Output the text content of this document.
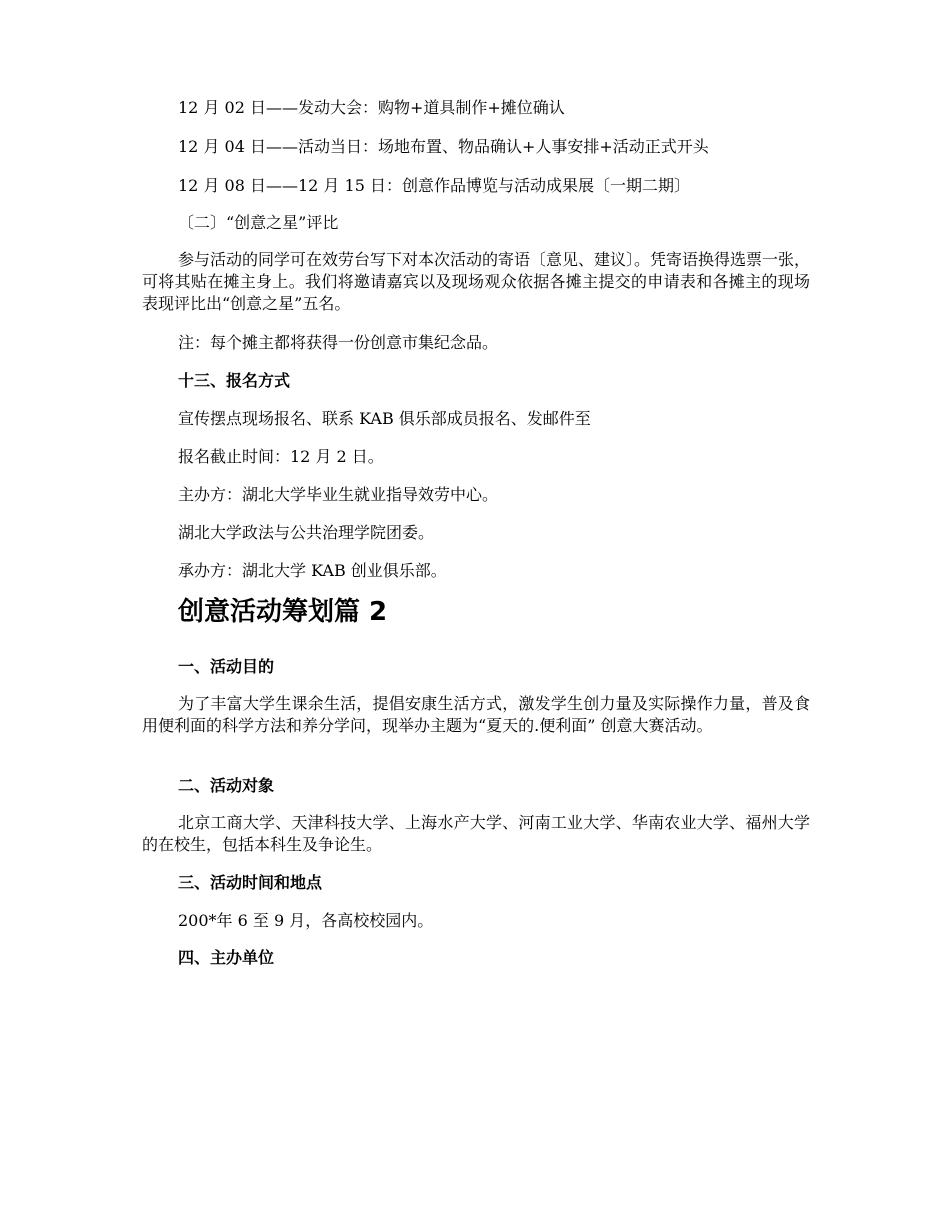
12 月 02 日——发动大会：购物+道具制作+摊位确认

12 月 04 日——活动当日：场地布置、物品确认+人事安排+活动正式开头

12 月 08 日——12 月 15 日：创意作品博览与活动成果展〔一期二期〕

〔二〕“创意之星”评比

参与活动的同学可在效劳台写下对本次活动的寄语〔意见、建议〕。凭寄语换得选票一张，可将其贴在摊主身上。我们将邀请嘉宾以及现场观众依据各摊主提交的申请表和各摊主的现场表现评比出“创意之星”五名。

注：每个摊主都将获得一份创意市集纪念品。

十三、报名方式

宣传摆点现场报名、联系 KAB 俱乐部成员报名、发邮件至

报名截止时间：12 月 2 日。

主办方：湖北大学毕业生就业指导效劳中心。

湖北大学政法与公共治理学院团委。

承办方：湖北大学 KAB 创业俱乐部。

创意活动筹划篇 2

一、活动目的

为了丰富大学生课余生活，提倡安康生活方式，激发学生创力量及实际操作力量，普及食用便利面的科学方法和养分学问，现举办主题为“夏天的.便利面” 创意大赛活动。

二、活动对象

北京工商大学、天津科技大学、上海水产大学、河南工业大学、华南农业大学、福州大学的在校生，包括本科生及争论生。

三、活动时间和地点

200*年 6 至 9 月，各高校校园内。

四、主办单位
